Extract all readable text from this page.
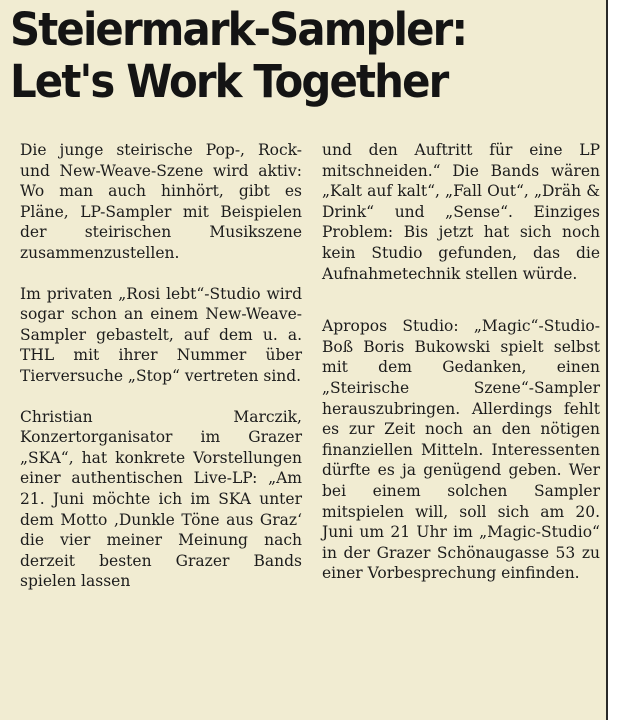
Steiermark-Sampler:
Let's Work Together

Die junge steirische Pop-, Rock- und New-Weave-Szene wird aktiv: Wo man auch hinhört, gibt es Pläne, LP-Sampler mit Beispielen der steirischen Musikszene zusammenzustellen.

Im privaten „Rosi lebt“-Studio wird sogar schon an einem New-Weave-Sampler gebastelt, auf dem u. a. THL mit ihrer Nummer über Tierversuche „Stop“ vertreten sind.

Christian Marczik, Konzertorganisator im Grazer „SKA“, hat konkrete Vorstellungen einer authentischen Live-LP: „Am 21. Juni möchte ich im SKA unter dem Motto ‚Dunkle Töne aus Graz‘ die vier meiner Meinung nach derzeit besten Grazer Bands spielen lassen

und den Auftritt für eine LP mitschneiden.“ Die Bands wären „Kalt auf kalt“, „Fall Out“, „Dräh & Drink“ und „Sense“. Einziges Problem: Bis jetzt hat sich noch kein Studio gefunden, das die Aufnahmetechnik stellen würde.

Apropos Studio: „Magic“-Studio-Boß Boris Bukowski spielt selbst mit dem Gedanken, einen „Steirische Szene“-Sampler herauszubringen. Allerdings fehlt es zur Zeit noch an den nötigen finanziellen Mitteln. Interessenten dürfte es ja genügend geben. Wer bei einem solchen Sampler mitspielen will, soll sich am 20. Juni um 21 Uhr im „Magic-Studio“ in der Grazer Schönaugasse 53 zu einer Vorbesprechung einfinden.
